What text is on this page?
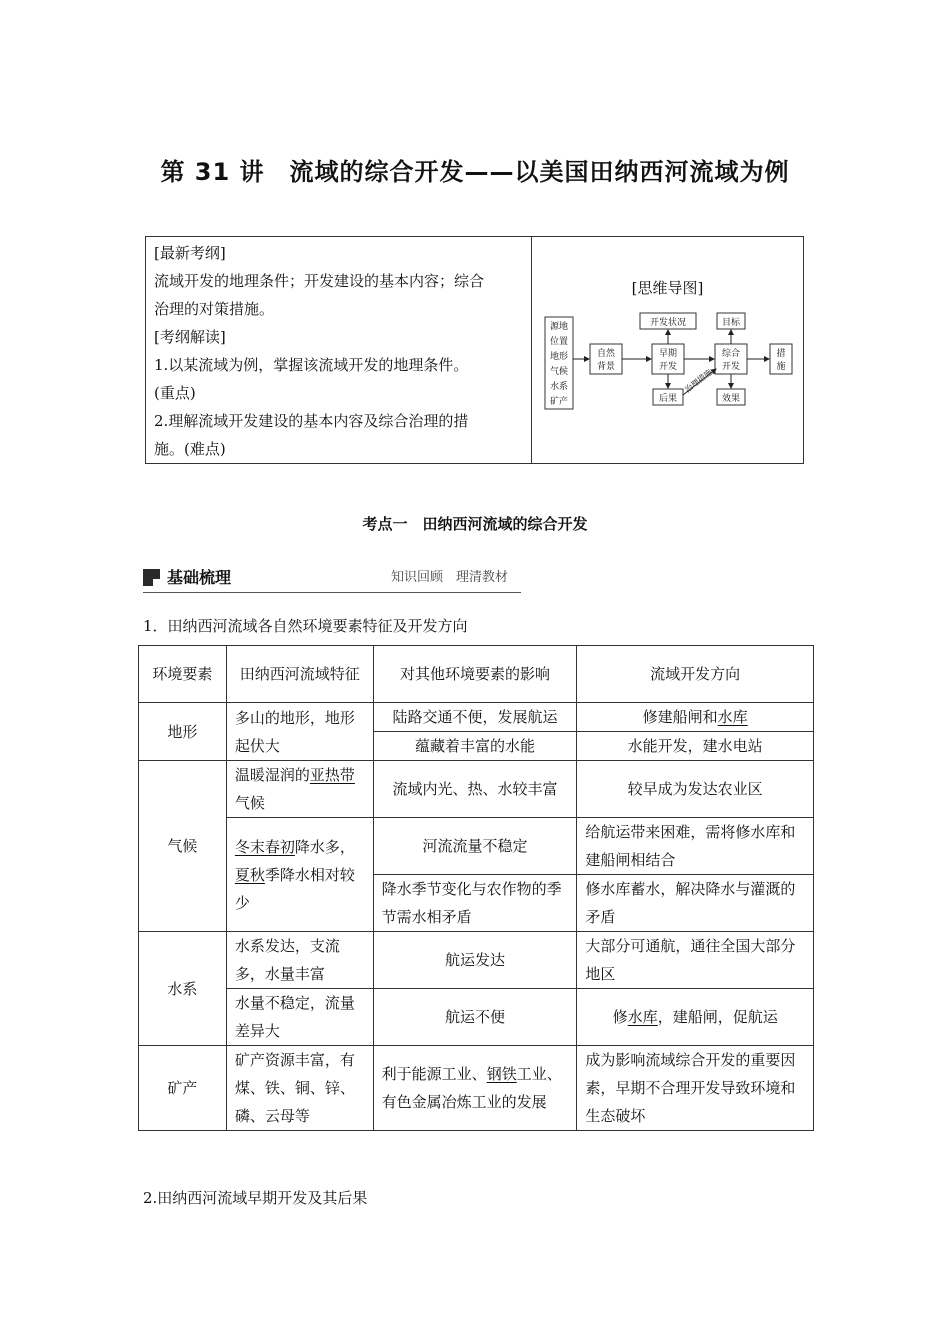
第 31 讲　流域的综合开发——以美国田纳西河流域为例

[最新考纲]

流域开发的地理条件；开发建设的基本内容；综合

治理的对策措施。

[考纲解读]

1.以某流域为例，掌握该流域开发的地理条件。

(重点)

2.理解流域开发建设的基本内容及综合治理的措

施。(难点)

[思维导图]
源地
位置
地形
气候
水系
矿产
自然
背景
早期
开发
综合
开发
措
施
开发状况
后果
目标
效果
治理措施
考点一　田纳西河流域的综合开发
基础梳理	知识回顾　理清教材
1．田纳西河流域各自然环境要素特征及开发方向
环境要素	田纳西河流域特征	对其他环境要素的影响	流域开发方向
地形	多山的地形，地形起伏大	陆路交通不便，发展航运	修建船闸和水库
		蕴藏着丰富的水能	水能开发，建水电站
气候	温暖湿润的亚热带气候	流域内光、热、水较丰富	较早成为发达农业区
	冬末春初降水多，夏秋季降水相对较少	河流流量不稳定	给航运带来困难，需将修水库和建船闸相结合
		降水季节变化与农作物的季节需水相矛盾	修水库蓄水，解决降水与灌溉的矛盾
水系	水系发达，支流多，水量丰富	航运发达	大部分可通航，通往全国大部分地区
	水量不稳定，流量差异大	航运不便	修水库，建船闸，促航运
矿产	矿产资源丰富，有煤、铁、铜、锌、磷、云母等	利于能源工业、钢铁工业、有色金属冶炼工业的发展	成为影响流域综合开发的重要因素，早期不合理开发导致环境和生态破坏
2.田纳西河流域早期开发及其后果
